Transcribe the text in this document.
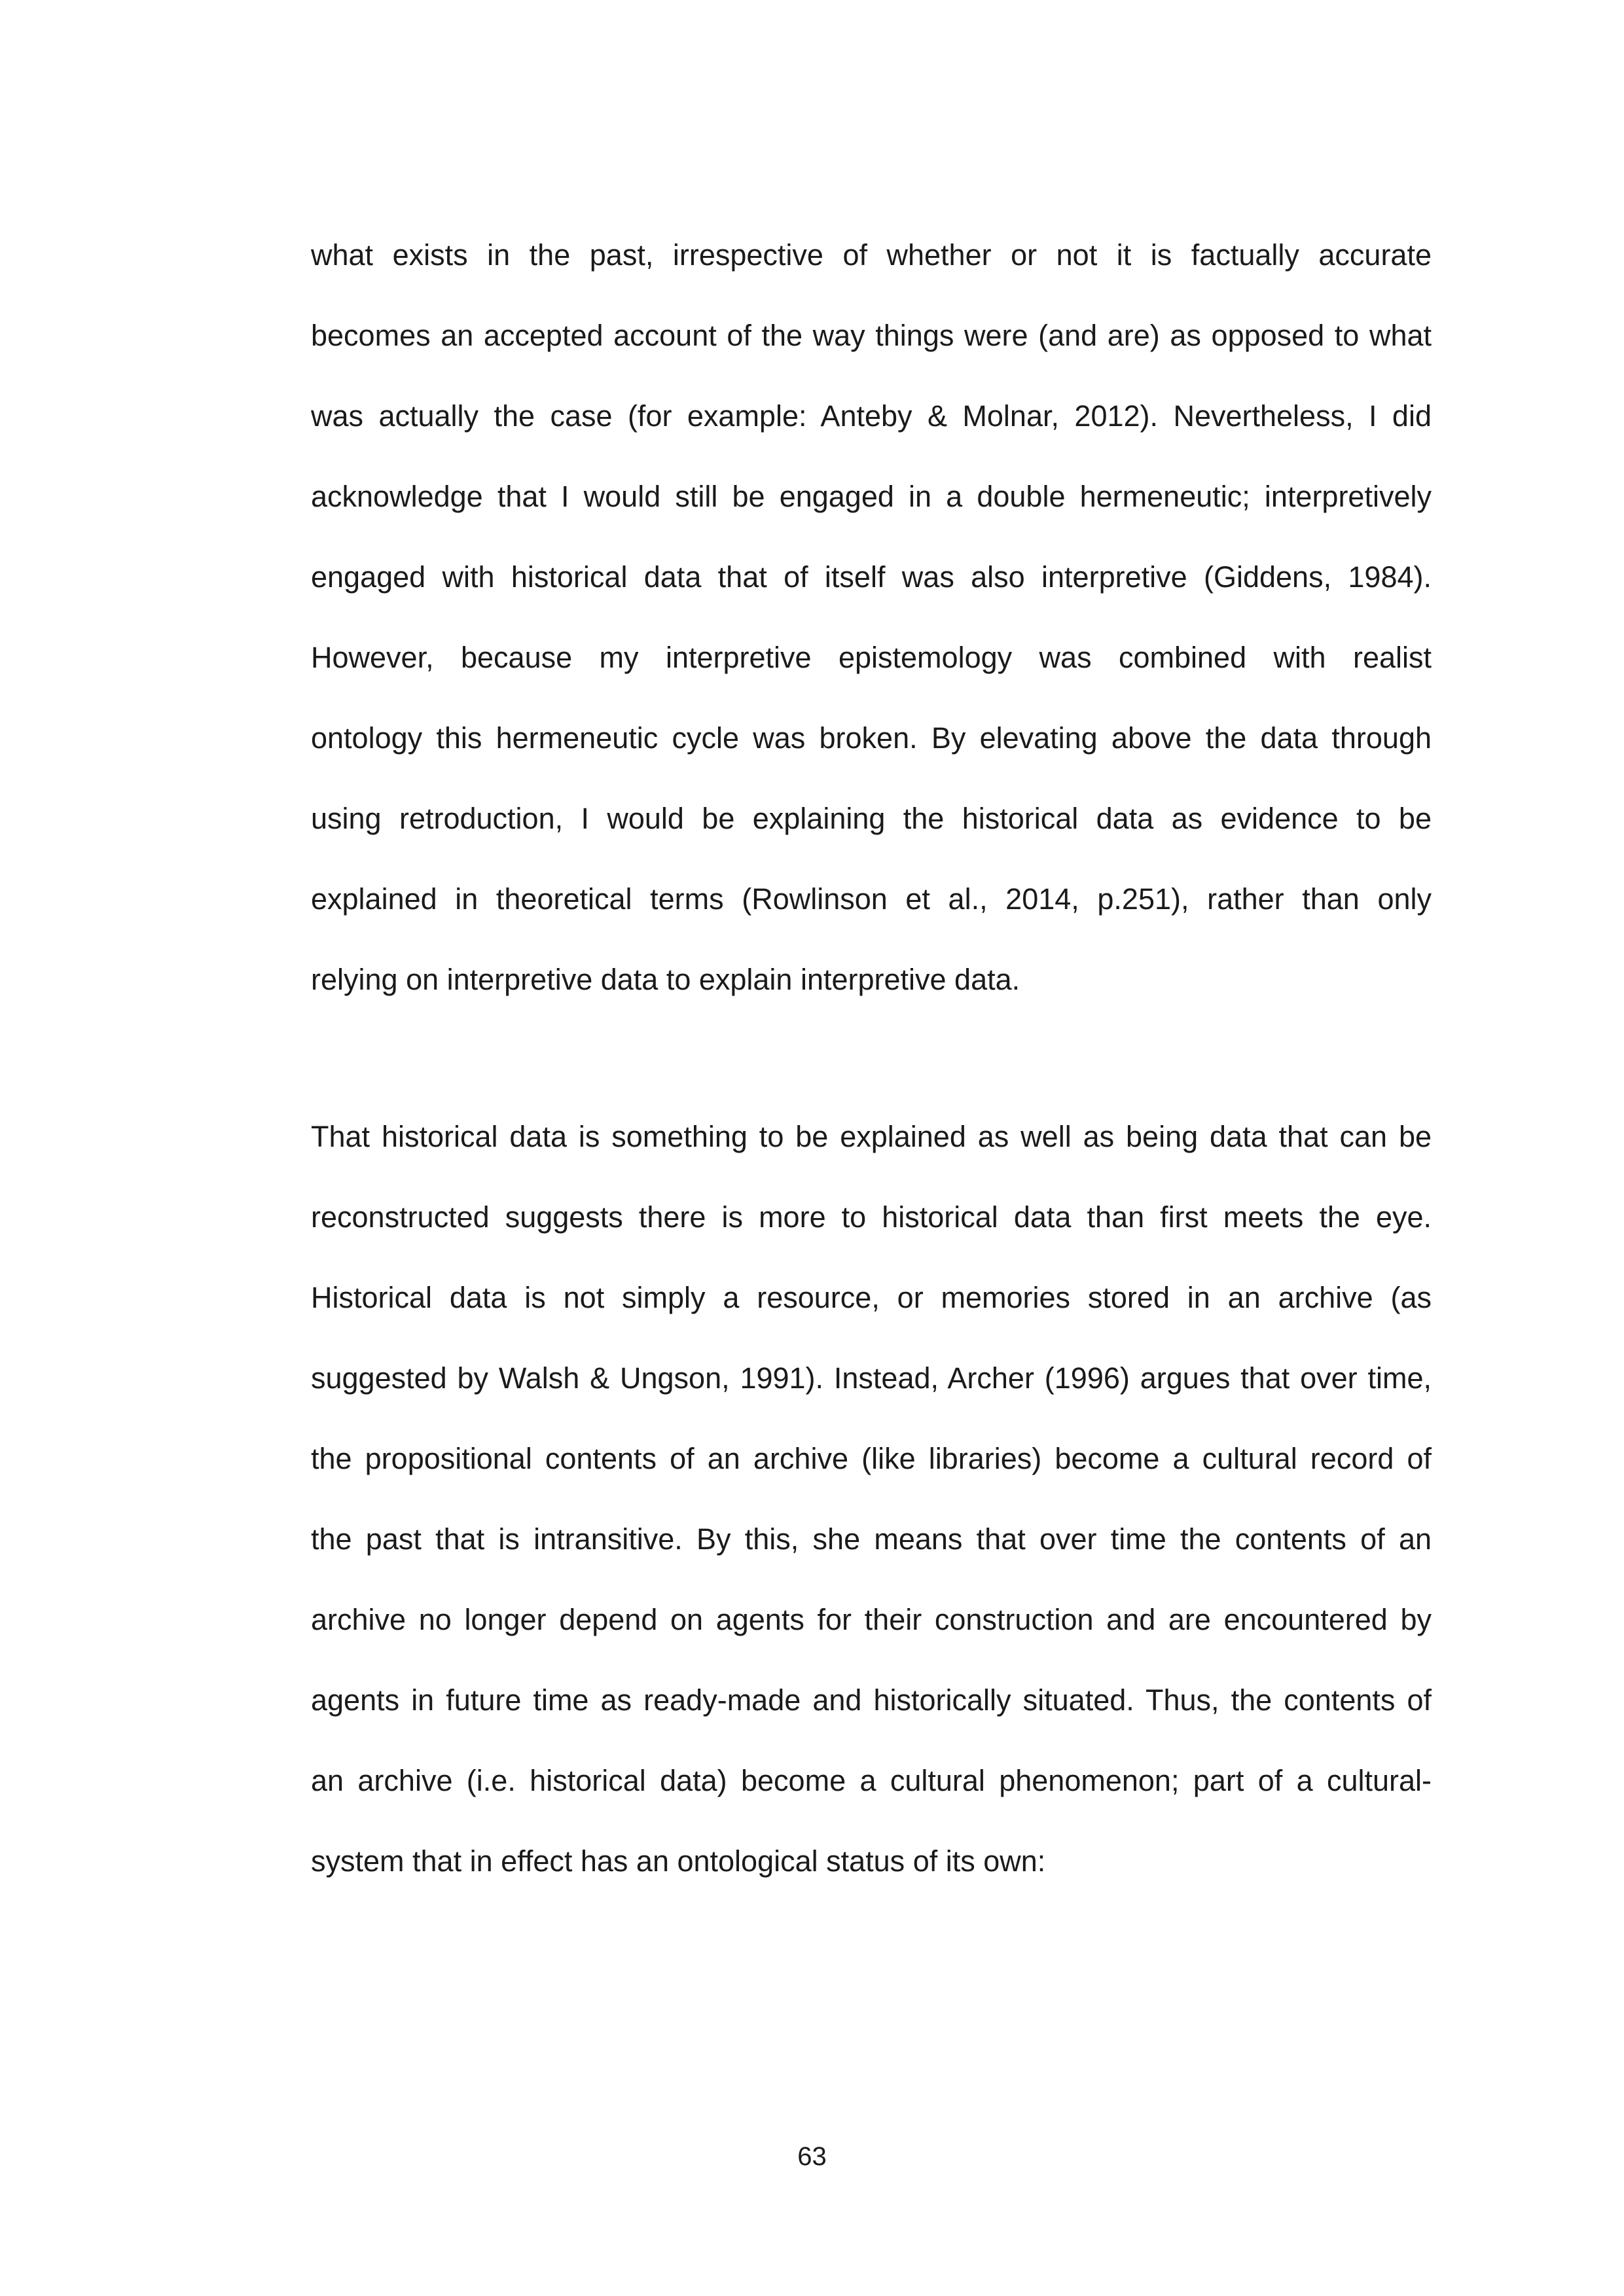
what exists in the past, irrespective of whether or not it is factually accurate
becomes an accepted account of the way things were (and are) as opposed to what
was actually the case (for example: Anteby & Molnar, 2012). Nevertheless, I did
acknowledge that I would still be engaged in a double hermeneutic; interpretively
engaged with historical data that of itself was also interpretive (Giddens, 1984).
However, because my interpretive epistemology was combined with realist
ontology this hermeneutic cycle was broken. By elevating above the data through
using retroduction, I would be explaining the historical data as evidence to be
explained in theoretical terms (Rowlinson et al., 2014, p.251), rather than only
relying on interpretive data to explain interpretive data.
That historical data is something to be explained as well as being data that can be
reconstructed suggests there is more to historical data than first meets the eye.
Historical data is not simply a resource, or memories stored in an archive (as
suggested by Walsh & Ungson, 1991). Instead, Archer (1996) argues that over time,
the propositional contents of an archive (like libraries) become a cultural record of
the past that is intransitive. By this, she means that over time the contents of an
archive no longer depend on agents for their construction and are encountered by
agents in future time as ready-made and historically situated. Thus, the contents of
an archive (i.e. historical data) become a cultural phenomenon; part of a cultural-
system that in effect has an ontological status of its own:
63
